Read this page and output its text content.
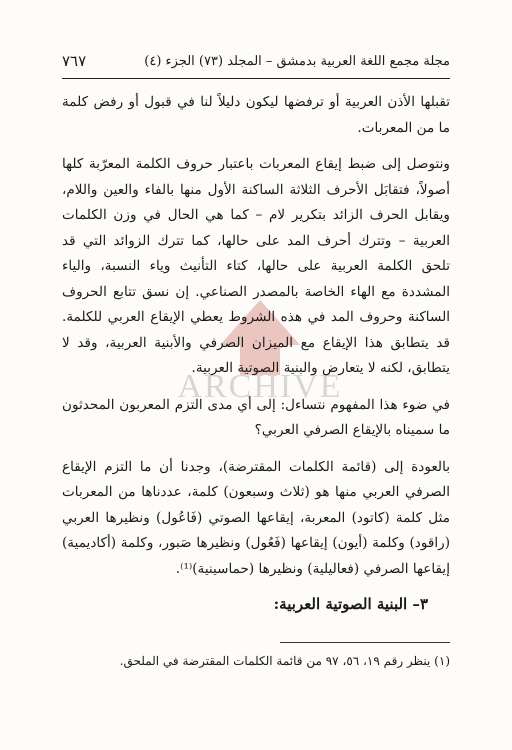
مجلة مجمع اللغة العربية بدمشق – المجلد (٧٣) الجزء (٤)
٧٦٧
ARCHIVE

تقبلها الأذن العربية أو ترفضها ليكون دليلاً لنا في قبول أو رفض كلمة ما من المعربات.

ونتوصل إلى ضبط إيقاع المعربات باعتبار حروف الكلمة المعرّبة كلها أصولاً، فتقابَل الأحرف الثلاثة الساكنة الأول منها بالفاء والعين واللام، ويقابل الحرف الزائد بتكرير لام – كما هي الحال في وزن الكلمات العربية – وتترك أحرف المد على حالها، كما تترك الزوائد التي قد تلحق الكلمة العربية على حالها، كتاء التأنيث وياء النسبة، والياء المشددة مع الهاء الخاصة بالمصدر الصناعي. إن نسق تتابع الحروف الساكنة وحروف المد في هذه الشروط يعطي الإيقاع العربي للكلمة. قد يتطابق هذا الإيقاع مع الميزان الصرفي والأبنية العربية، وقد لا يتطابق، لكنه لا يتعارض والبنية الصوتية العربية.

في ضوء هذا المفهوم نتساءل: إلى أي مدى التزم المعربون المحدثون ما سميناه بالإيقاع الصرفي العربي؟

بالعودة إلى (قائمة الكلمات المقترضة)، وجدنا أن ما التزم الإيقاع الصرفي العربي منها هو (ثلاث وسبعون) كلمة، عددناها من المعربات مثل كلمة (كاتود) المعربة، إيقاعها الصوتي (فَاعُول) ونظيرها العربي (راقود) وكلمة (أيون) إيقاعها (فَعُول) ونظيرها صَبور، وكلمة (أكاديمية) إيقاعها الصرفي (فعاليلية) ونظيرها (حماسينية)⁽¹⁾.

٣– البنية الصوتية العربية:
(١) ينظر رقم ١٩، ٥٦، ٩٧ من قائمة الكلمات المقترضة في الملحق.
